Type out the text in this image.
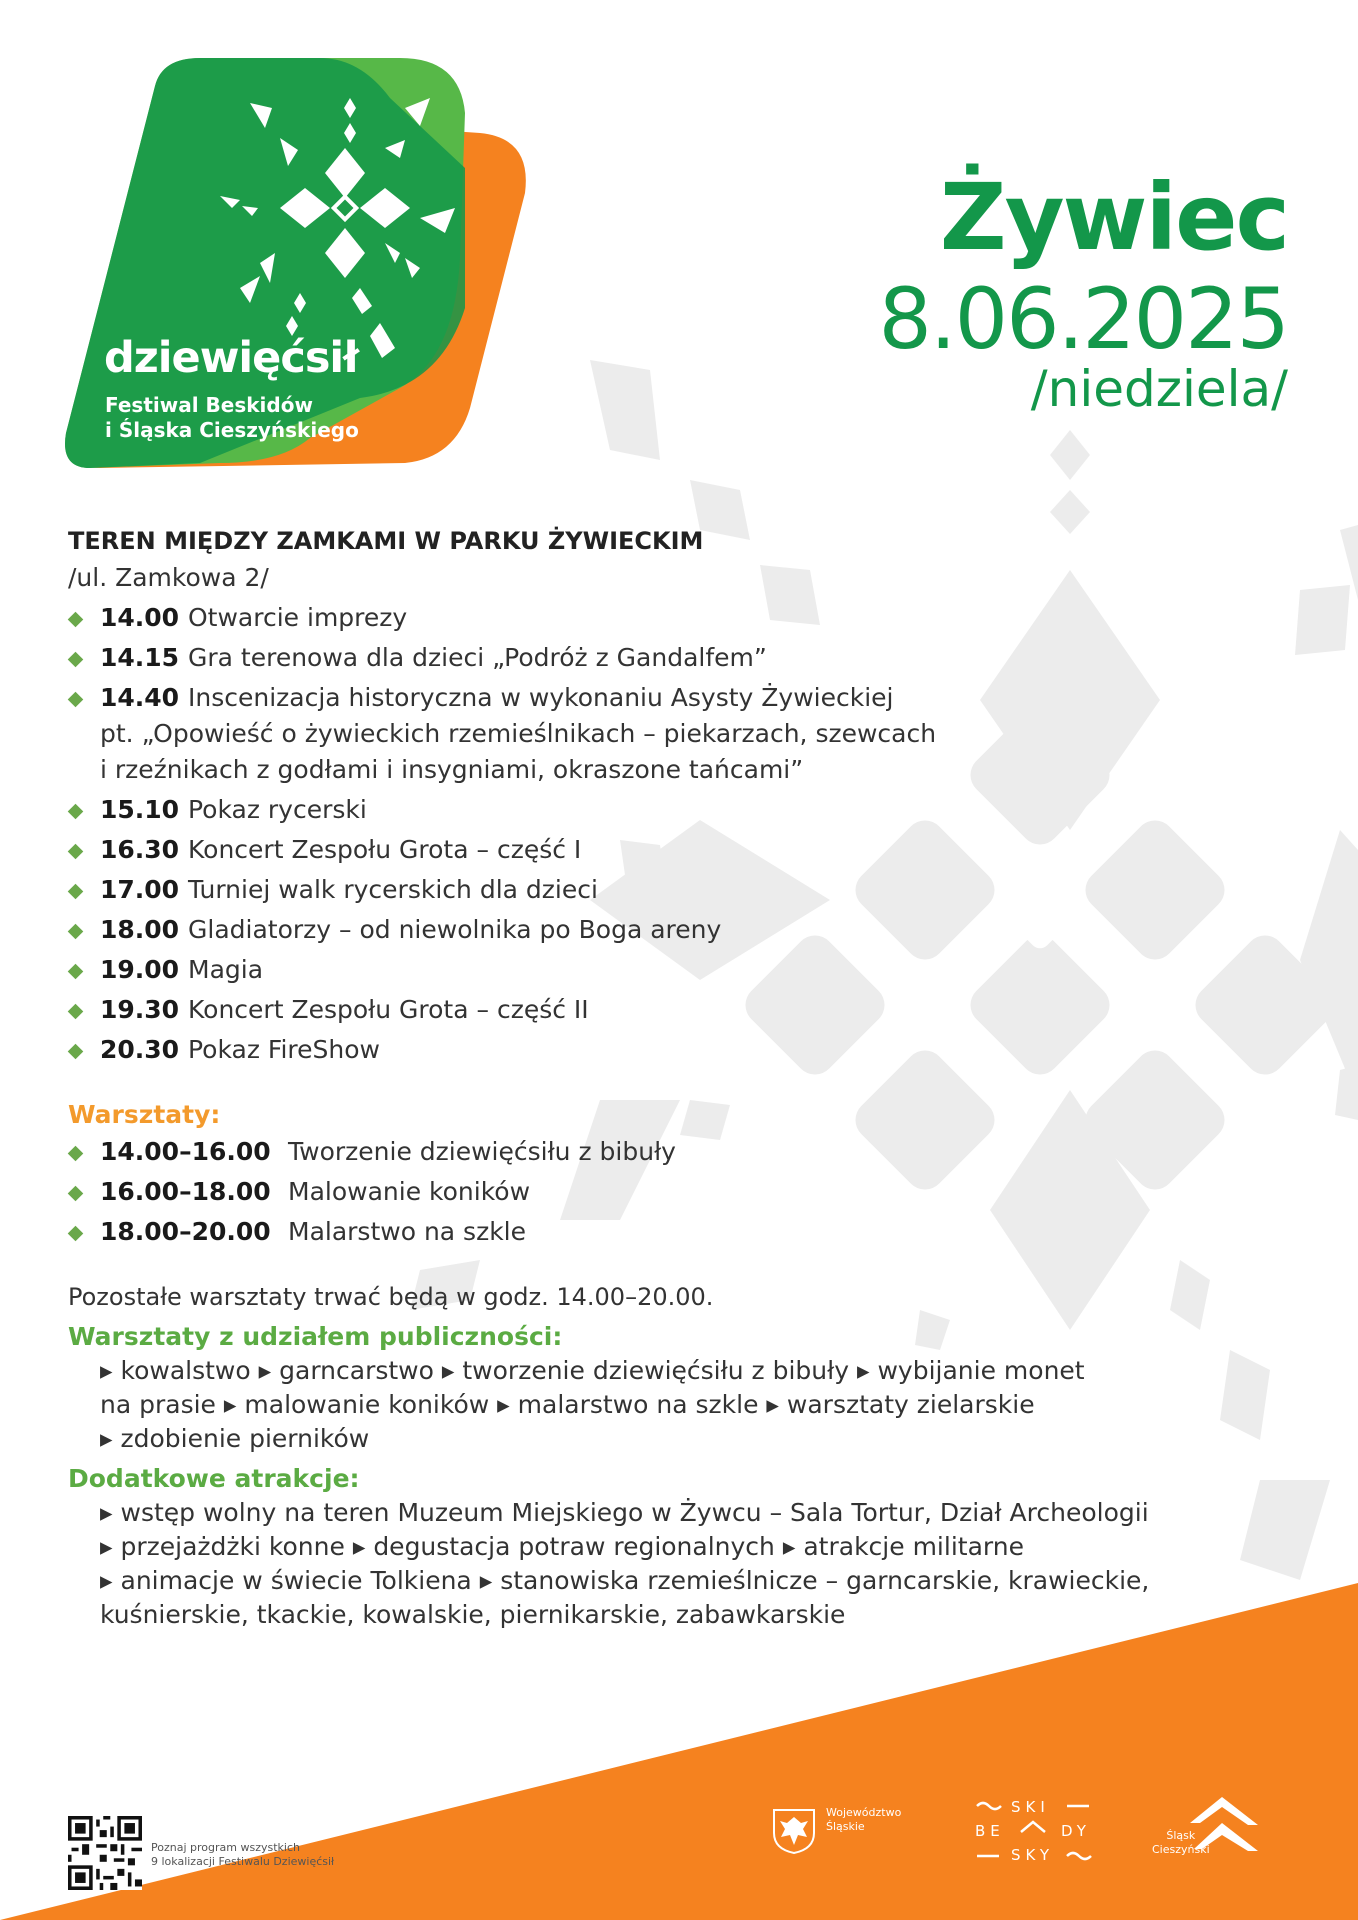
dziewięćsił
Festiwal Beskidów
i Śląska Cieszyńskiego
Żywiec
8.06.2025
/niedziela/
TEREN MIĘDZY ZAMKAMI W PARKU ŻYWIECKIM
/ul. Zamkowa 2/
14.00 Otwarcie imprezy
14.15 Gra terenowa dla dzieci „Podróż z Gandalfem”
14.40 Inscenizacja historyczna w wykonaniu Asysty Żywieckiej
pt. „Opowieść o żywieckich rzemieślnikach – piekarzach, szewcach
i rzeźnikach z godłami i insygniami, okraszone tańcami”
15.10 Pokaz rycerski
16.30 Koncert Zespołu Grota – część I
17.00 Turniej walk rycerskich dla dzieci
18.00 Gladiatorzy – od niewolnika po Boga areny
19.00 Magia
19.30 Koncert Zespołu Grota – część II
20.30 Pokaz FireShow
Warsztaty:
14.00–16.00 Tworzenie dziewięćsiłu z bibuły
16.00–18.00 Malowanie koników
18.00–20.00 Malarstwo na szkle
Pozostałe warsztaty trwać będą w godz. 14.00–20.00.
Warsztaty z udziałem publiczności:
▸ kowalstwo ▸ garncarstwo ▸ tworzenie dziewięćsiłu z bibuły ▸ wybijanie monet
na prasie ▸ malowanie koników ▸ malarstwo na szkle ▸ warsztaty zielarskie
▸ zdobienie pierników
Dodatkowe atrakcje:
▸ wstęp wolny na teren Muzeum Miejskiego w Żywcu – Sala Tortur, Dział Archeologii
▸ przejażdżki konne ▸ degustacja potraw regionalnych ▸ atrakcje militarne
▸ animacje w świecie Tolkiena ▸ stanowiska rzemieślnicze – garncarskie, krawieckie,
kuśnierskie, tkackie, kowalskie, piernikarskie, zabawkarskie
Poznaj program wszystkich
9 lokalizacji Festiwalu Dziewięćsił
Województwo
Śląskie
SKI
BE	DY
SKY
Śląsk
Cieszyński
